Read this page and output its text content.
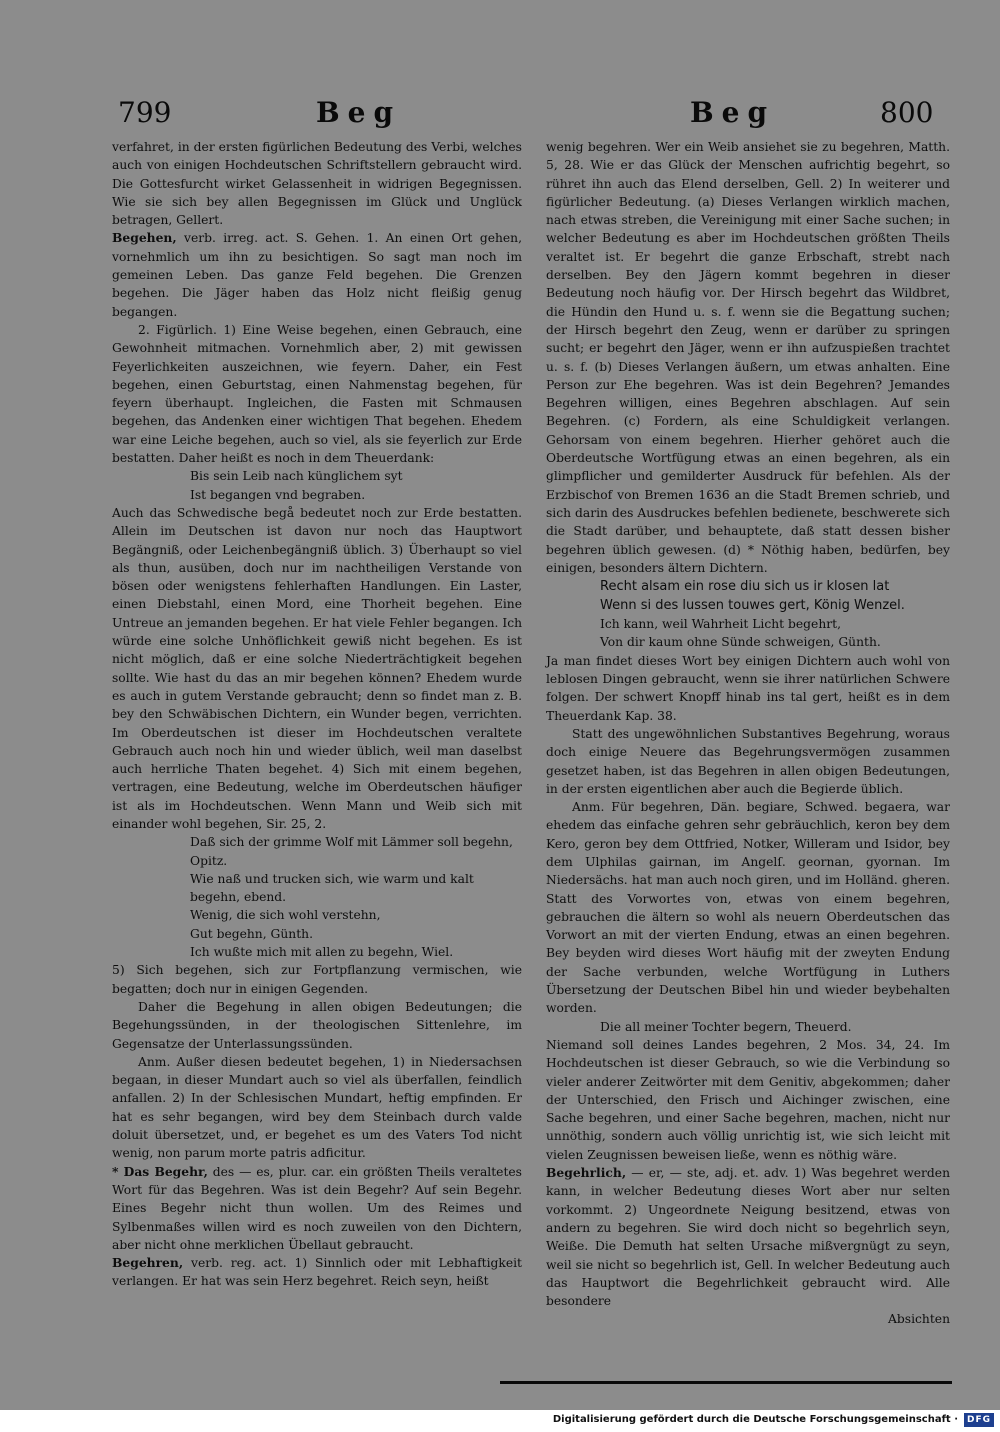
799	Beg	Beg	800

verfahret, in der ersten figürlichen Bedeutung des Verbi, welches auch von einigen Hochdeutschen Schriftstellern gebraucht wird. Die Gottesfurcht wirket Gelassenheit in widrigen Begegnissen. Wie sie sich bey allen Begegnissen im Glück und Unglück betragen, Gellert.

Begehen, verb. irreg. act. S. Gehen. 1. An einen Ort gehen, vornehmlich um ihn zu besichtigen. So sagt man noch im gemeinen Leben. Das ganze Feld begehen. Die Grenzen begehen. Die Jäger haben das Holz nicht fleißig genug begangen.

2. Figürlich. 1) Eine Weise begehen, einen Gebrauch, eine Gewohnheit mitmachen. Vornehmlich aber, 2) mit gewissen Feyerlichkeiten auszeichnen, wie feyern. Daher, ein Fest begehen, einen Geburtstag, einen Nahmenstag begehen, für feyern überhaupt. Ingleichen, die Fasten mit Schmausen begehen, das Andenken einer wichtigen That begehen. Ehedem war eine Leiche begehen, auch so viel, als sie feyerlich zur Erde bestatten. Daher heißt es noch in dem Theuerdank:

Bis sein Leib nach künglichem syt

Ist begangen vnd begraben.

Auch das Schwedische begå bedeutet noch zur Erde bestatten. Allein im Deutschen ist davon nur noch das Hauptwort Begängniß, oder Leichenbegängniß üblich. 3) Überhaupt so viel als thun, ausüben, doch nur im nachtheiligen Verstande von bösen oder wenigstens fehlerhaften Handlungen. Ein Laster, einen Diebstahl, einen Mord, eine Thorheit begehen. Eine Untreue an jemanden begehen. Er hat viele Fehler begangen. Ich würde eine solche Unhöflichkeit gewiß nicht begehen. Es ist nicht möglich, daß er eine solche Niederträchtigkeit begehen sollte. Wie hast du das an mir begehen können? Ehedem wurde es auch in gutem Verstande gebraucht; denn so findet man z. B. bey den Schwäbischen Dichtern, ein Wunder begen, verrichten. Im Oberdeutschen ist dieser im Hochdeutschen veraltete Gebrauch auch noch hin und wieder üblich, weil man daselbst auch herrliche Thaten begehet. 4) Sich mit einem begehen, vertragen, eine Bedeutung, welche im Oberdeutschen häufiger ist als im Hochdeutschen. Wenn Mann und Weib sich mit einander wohl begehen, Sir. 25, 2.

Daß sich der grimme Wolf mit Lämmer soll begehn, Opitz.

Wie naß und trucken sich, wie warm und kalt begehn, ebend.

Wenig, die sich wohl verstehn,

Gut begehn, Günth.

Ich wußte mich mit allen zu begehn, Wiel.

5) Sich begehen, sich zur Fortpflanzung vermischen, wie begatten; doch nur in einigen Gegenden.

Daher die Begehung in allen obigen Bedeutungen; die Begehungssünden, in der theologischen Sittenlehre, im Gegensatze der Unterlassungssünden.

Anm. Außer diesen bedeutet begehen, 1) in Niedersachsen begaan, in dieser Mundart auch so viel als überfallen, feindlich anfallen. 2) In der Schlesischen Mundart, heftig empfinden. Er hat es sehr begangen, wird bey dem Steinbach durch valde doluit übersetzet, und, er begehet es um des Vaters Tod nicht wenig, non parum morte patris adficitur.

* Das Begehr, des — es, plur. car. ein größten Theils veraltetes Wort für das Begehren. Was ist dein Begehr? Auf sein Begehr. Eines Begehr nicht thun wollen. Um des Reimes und Sylbenmaßes willen wird es noch zuweilen von den Dichtern, aber nicht ohne merklichen Übellaut gebraucht.

Begehren, verb. reg. act. 1) Sinnlich oder mit Lebhaftigkeit verlangen. Er hat was sein Herz begehret. Reich seyn, heißt

wenig begehren. Wer ein Weib ansiehet sie zu begehren, Matth. 5, 28. Wie er das Glück der Menschen aufrichtig begehrt, so rühret ihn auch das Elend derselben, Gell. 2) In weiterer und figürlicher Bedeutung. (a) Dieses Verlangen wirklich machen, nach etwas streben, die Vereinigung mit einer Sache suchen; in welcher Bedeutung es aber im Hochdeutschen größten Theils veraltet ist. Er begehrt die ganze Erbschaft, strebt nach derselben. Bey den Jägern kommt begehren in dieser Bedeutung noch häufig vor. Der Hirsch begehrt das Wildbret, die Hündin den Hund u. s. f. wenn sie die Begattung suchen; der Hirsch begehrt den Zeug, wenn er darüber zu springen sucht; er begehrt den Jäger, wenn er ihn aufzuspießen trachtet u. s. f. (b) Dieses Verlangen äußern, um etwas anhalten. Eine Person zur Ehe begehren. Was ist dein Begehren? Jemandes Begehren willigen, eines Begehren abschlagen. Auf sein Begehren. (c) Fordern, als eine Schuldigkeit verlangen. Gehorsam von einem begehren. Hierher gehöret auch die Oberdeutsche Wortfügung etwas an einen begehren, als ein glimpflicher und gemilderter Ausdruck für befehlen. Als der Erzbischof von Bremen 1636 an die Stadt Bremen schrieb, und sich darin des Ausdruckes befehlen bedienete, beschwerete sich die Stadt darüber, und behauptete, daß statt dessen bisher begehren üblich gewesen. (d) * Nöthig haben, bedürfen, bey einigen, besonders ältern Dichtern.

Recht alsam ein rose diu sich us ir klosen lat

Wenn si des lussen touwes gert, König Wenzel.

Ich kann, weil Wahrheit Licht begehrt,

Von dir kaum ohne Sünde schweigen, Günth.

Ja man findet dieses Wort bey einigen Dichtern auch wohl von leblosen Dingen gebraucht, wenn sie ihrer natürlichen Schwere folgen. Der schwert Knopff hinab ins tal gert, heißt es in dem Theuerdank Kap. 38.

Statt des ungewöhnlichen Substantives Begehrung, woraus doch einige Neuere das Begehrungsvermögen zusammen gesetzet haben, ist das Begehren in allen obigen Bedeutungen, in der ersten eigentlichen aber auch die Begierde üblich.

Anm. Für begehren, Dän. begiare, Schwed. begaera, war ehedem das einfache gehren sehr gebräuchlich, keron bey dem Kero, geron bey dem Ottfried, Notker, Willeram und Isidor, bey dem Ulphilas gairnan, im Angelſ. geornan, gyornan. Im Niedersächs. hat man auch noch giren, und im Holländ. gheren. Statt des Vorwortes von, etwas von einem begehren, gebrauchen die ältern so wohl als neuern Oberdeutschen das Vorwort an mit der vierten Endung, etwas an einen begehren. Bey beyden wird dieses Wort häufig mit der zweyten Endung der Sache verbunden, welche Wortfügung in Luthers Übersetzung der Deutschen Bibel hin und wieder beybehalten worden.

Die all meiner Tochter begern, Theuerd.

Niemand soll deines Landes begehren, 2 Mos. 34, 24. Im Hochdeutschen ist dieser Gebrauch, so wie die Verbindung so vieler anderer Zeitwörter mit dem Genitiv, abgekommen; daher der Unterschied, den Frisch und Aichinger zwischen, eine Sache begehren, und einer Sache begehren, machen, nicht nur unnöthig, sondern auch völlig unrichtig ist, wie sich leicht mit vielen Zeugnissen beweisen ließe, wenn es nöthig wäre.

Begehrlich, — er, — ste, adj. et. adv. 1) Was begehret werden kann, in welcher Bedeutung dieses Wort aber nur selten vorkommt. 2) Ungeordnete Neigung besitzend, etwas von andern zu begehren. Sie wird doch nicht so begehrlich seyn, Weiße. Die Demuth hat selten Ursache mißvergnügt zu seyn, weil sie nicht so begehrlich ist, Gell. In welcher Bedeutung auch das Hauptwort die Begehrlichkeit gebraucht wird. Alle besondere

Absichten

Digitalisierung gefördert durch die Deutsche Forschungsgemeinschaft · DFG
